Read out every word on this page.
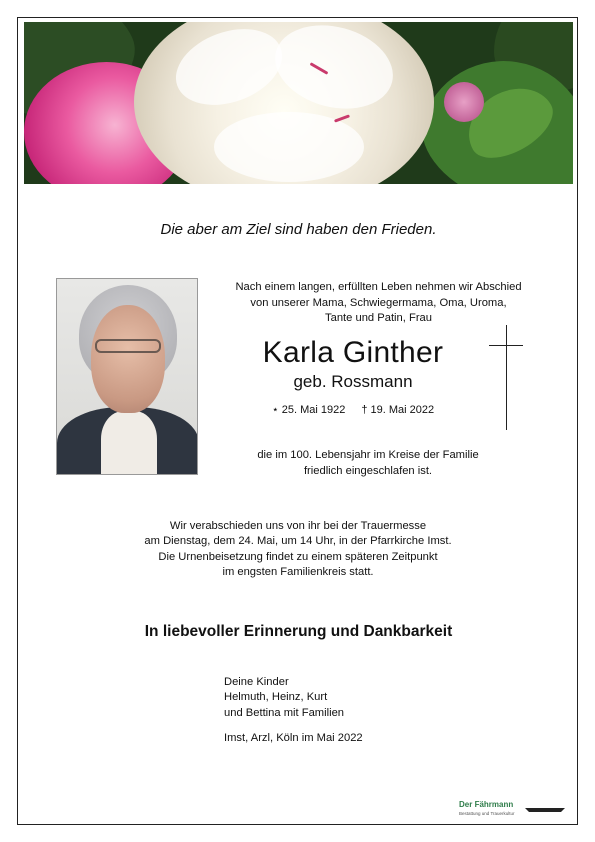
Die aber am Ziel sind haben den Frieden.
Nach einem langen, erfüllten Leben nehmen wir Abschied
von unserer Mama, Schwiegermama, Oma, Uroma,
Tante und Patin, Frau
Karla Ginther
geb. Rossmann
⋆ 25. Mai 1922 † 19. Mai 2022
die im 100. Lebensjahr im Kreise der Familie
friedlich eingeschlafen ist.
Wir verabschieden uns von ihr bei der Trauermesse
am Dienstag, dem 24. Mai, um 14 Uhr, in der Pfarrkirche Imst.
Die Urnenbeisetzung findet zu einem späteren Zeitpunkt
im engsten Familienkreis statt.
In liebevoller Erinnerung und Dankbarkeit
Deine Kinder
Helmuth, Heinz, Kurt
und Bettina mit Familien
Imst, Arzl, Köln im Mai 2022
Der Fährmann
Bestattung und Trauerkultur
